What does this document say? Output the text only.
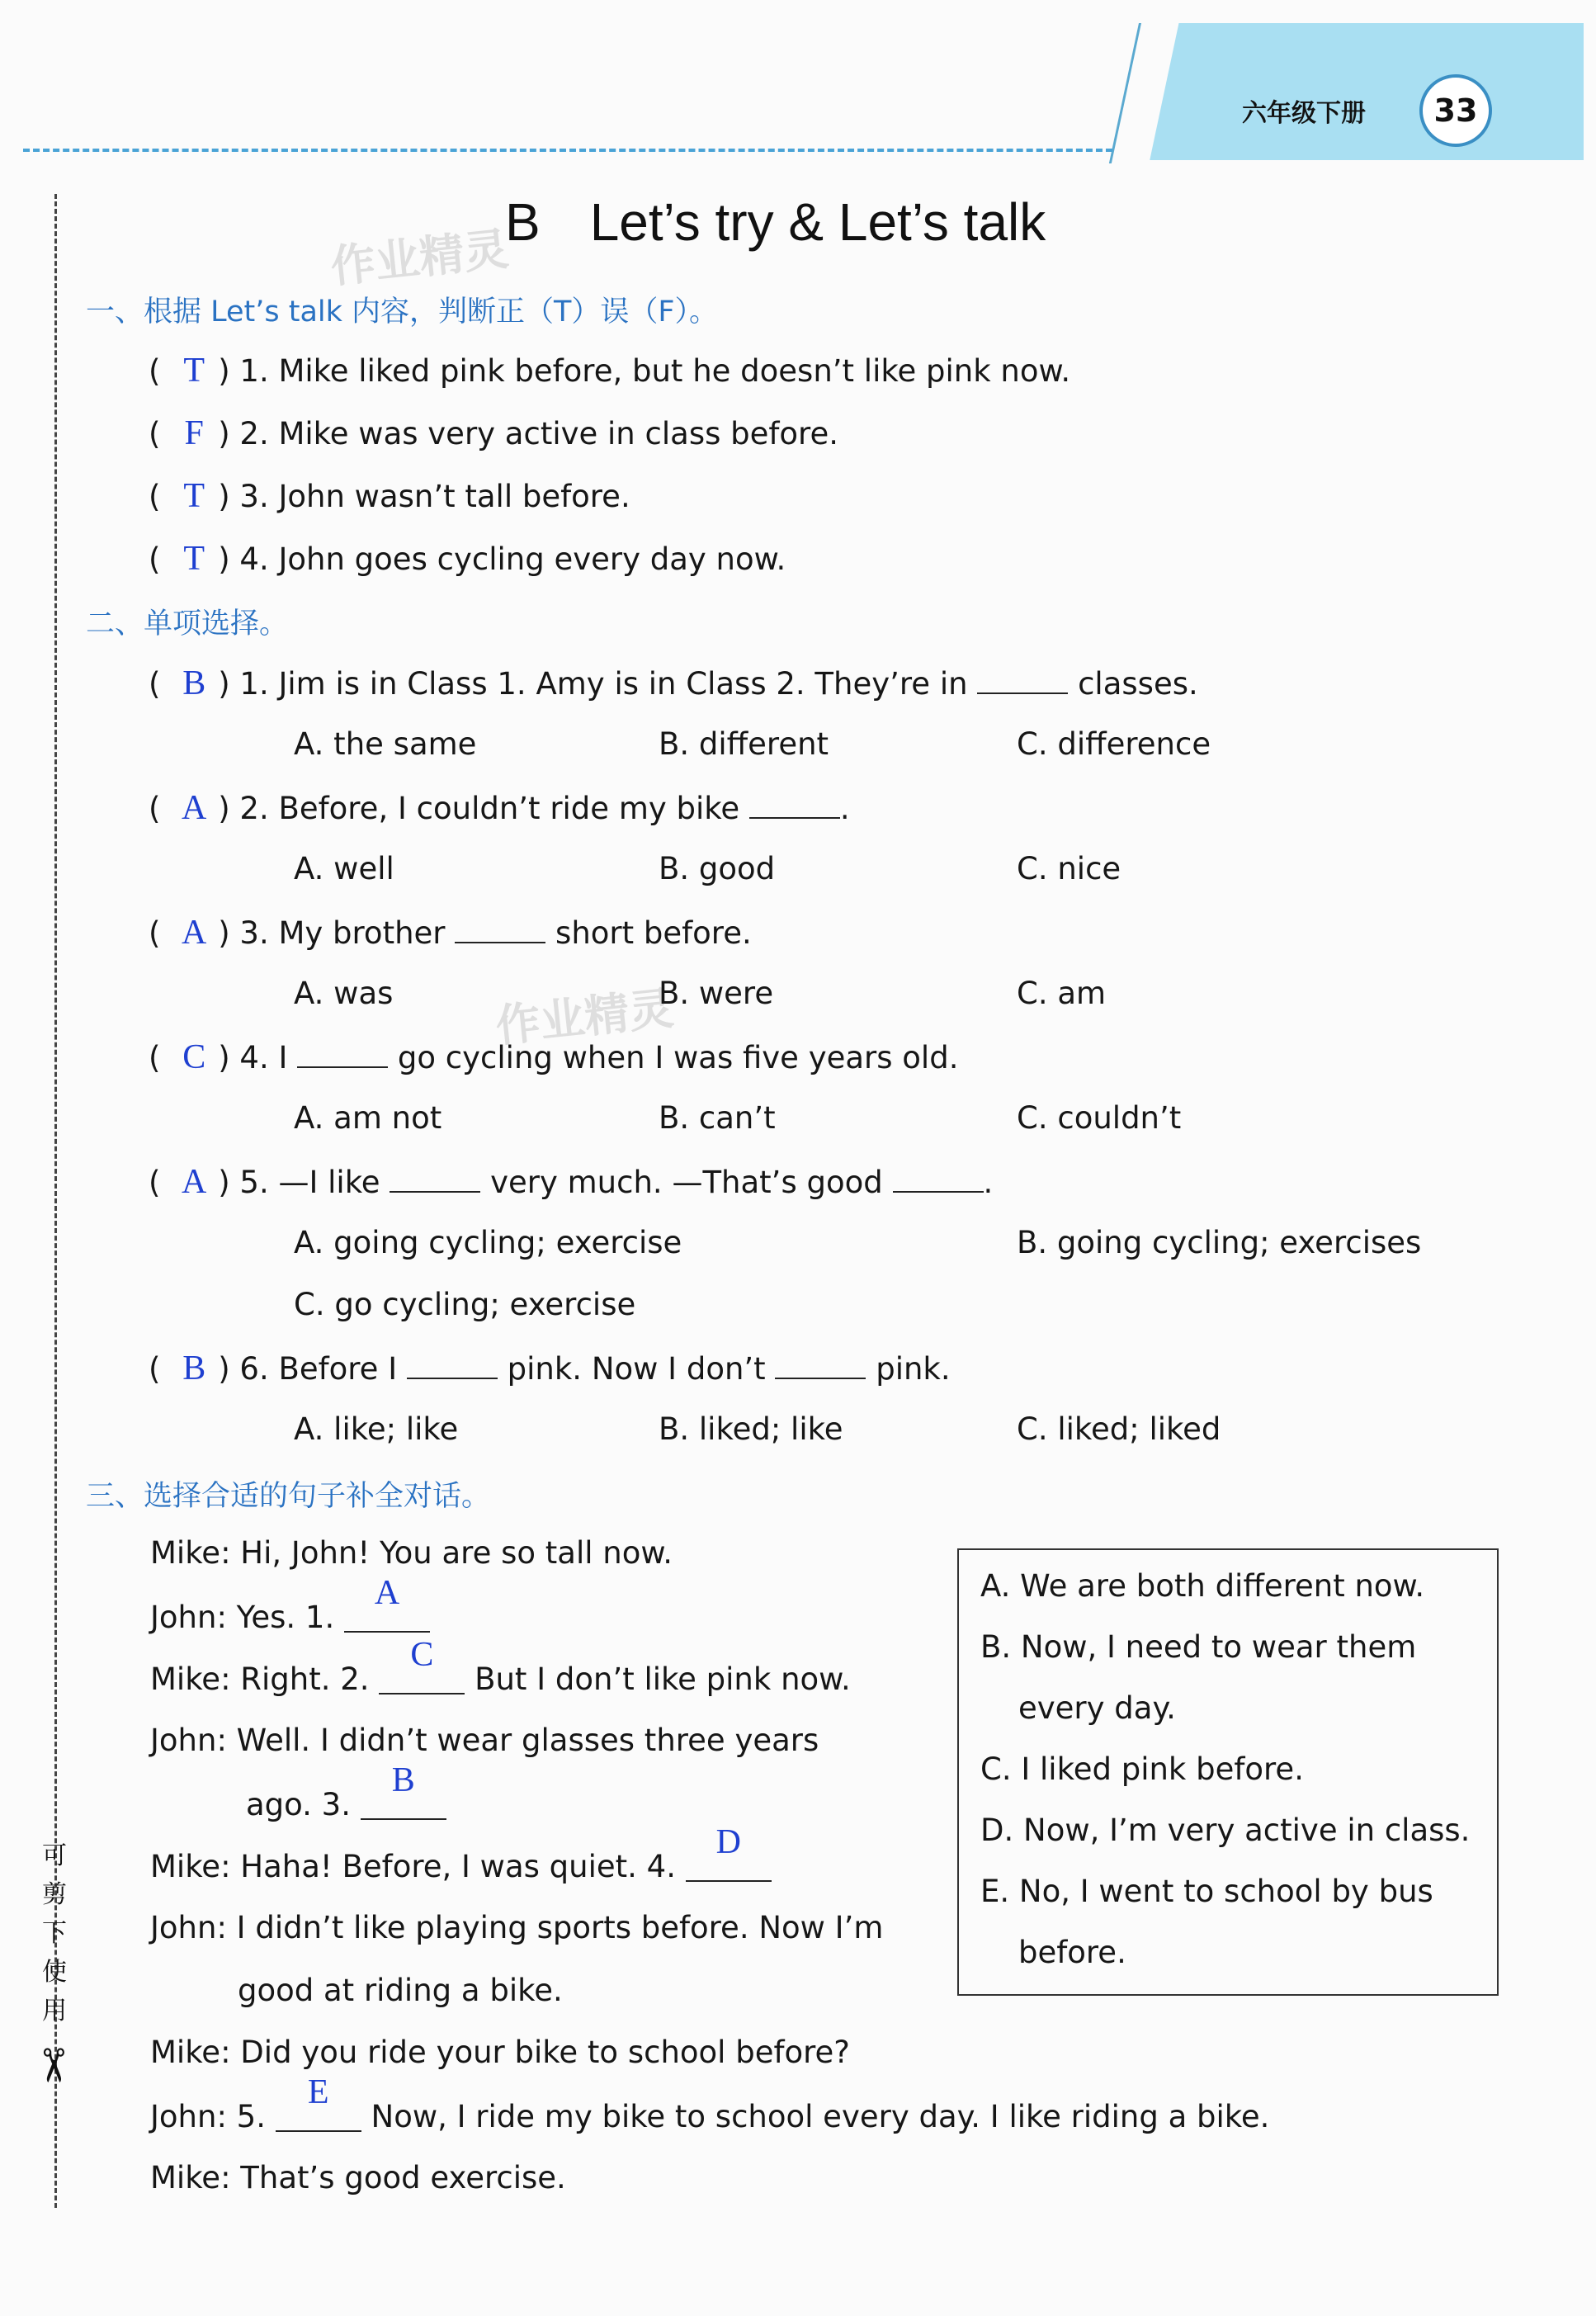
六年级下册	33
可
剪
下
使
用
✂
作业精灵
作业精灵
B Let’s try & Let’s talk
一、根据 Let’s talk 内容，判断正（T）误（F）。
( T ) 1. Mike liked pink before, but he doesn’t like pink now.
( F ) 2. Mike was very active in class before.
( T ) 3. John wasn’t tall before.
( T ) 4. John goes cycling every day now.
二、单项选择。
( B ) 1. Jim is in Class 1. Amy is in Class 2. They’re in	classes.
A. the same	B. different	C. difference
( A ) 2. Before, I couldn’t ride my bike	.
A. well	B. good	C. nice
( A ) 3. My brother	short before.
A. was	B. were	C. am
( C ) 4. I	go cycling when I was five years old.
A. am not	B. can’t	C. couldn’t
( A ) 5. —I like	very much. —That’s good	.
A. going cycling; exercise	B. going cycling; exercises
C. go cycling; exercise
( B ) 6. Before I	pink. Now I don’t	pink.
A. like; like	B. liked; like	C. liked; liked
三、选择合适的句子补全对话。
Mike: Hi, John! You are so tall now.
John: Yes. 1.
A
Mike: Right. 2.
C
But I don’t like pink now.
John: Well. I didn’t wear glasses three years
ago. 3.
B
Mike: Haha! Before, I was quiet. 4.
D
John: I didn’t like playing sports before. Now I’m
good at riding a bike.
Mike: Did you ride your bike to school before?
John: 5.
E
Now, I ride my bike to school every day. I like riding a bike.
Mike: That’s good exercise.
A. We are both different now.
B. Now, I need to wear them
every day.
C. I liked pink before.
D. Now, I’m very active in class.
E. No, I went to school by bus
before.
